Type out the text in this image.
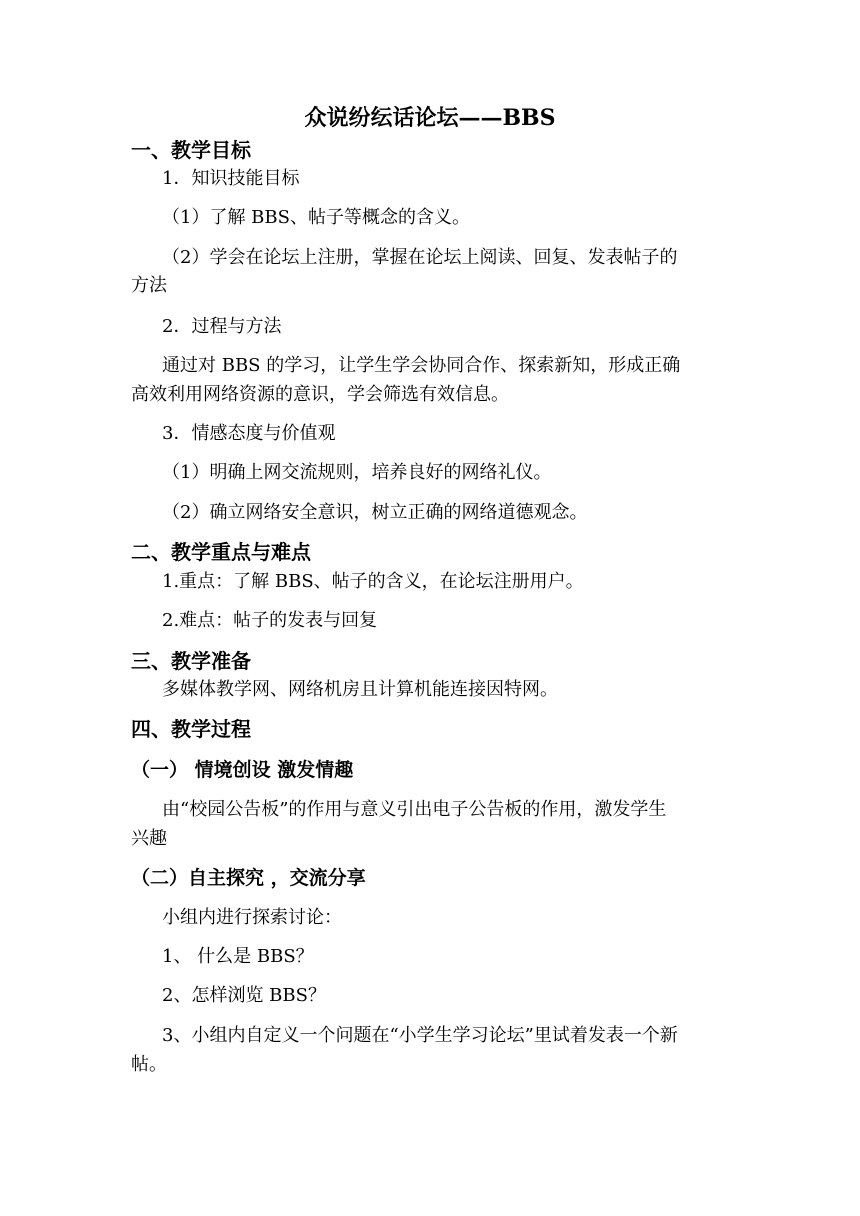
众说纷纭话论坛——BBS
一、教学目标
1．知识技能目标
（1）了解 BBS、帖子等概念的含义。
（2）学会在论坛上注册，掌握在论坛上阅读、回复、发表帖子的
方法
2．过程与方法
通过对 BBS 的学习，让学生学会协同合作、探索新知，形成正确
高效利用网络资源的意识，学会筛选有效信息。
3．情感态度与价值观
（1）明确上网交流规则，培养良好的网络礼仪。
（2）确立网络安全意识，树立正确的网络道德观念。
二、教学重点与难点
1.重点：了解 BBS、帖子的含义，在论坛注册用户。
2.难点：帖子的发表与回复
三、教学准备
多媒体教学网、网络机房且计算机能连接因特网。
四、教学过程
（一） 情境创设 激发情趣
由“校园公告板”的作用与意义引出电子公告板的作用，激发学生
兴趣
（二）自主探究 ，交流分享
小组内进行探索讨论：
1、 什么是 BBS？
2、怎样浏览 BBS？
3、小组内自定义一个问题在“小学生学习论坛”里试着发表一个新
帖。
